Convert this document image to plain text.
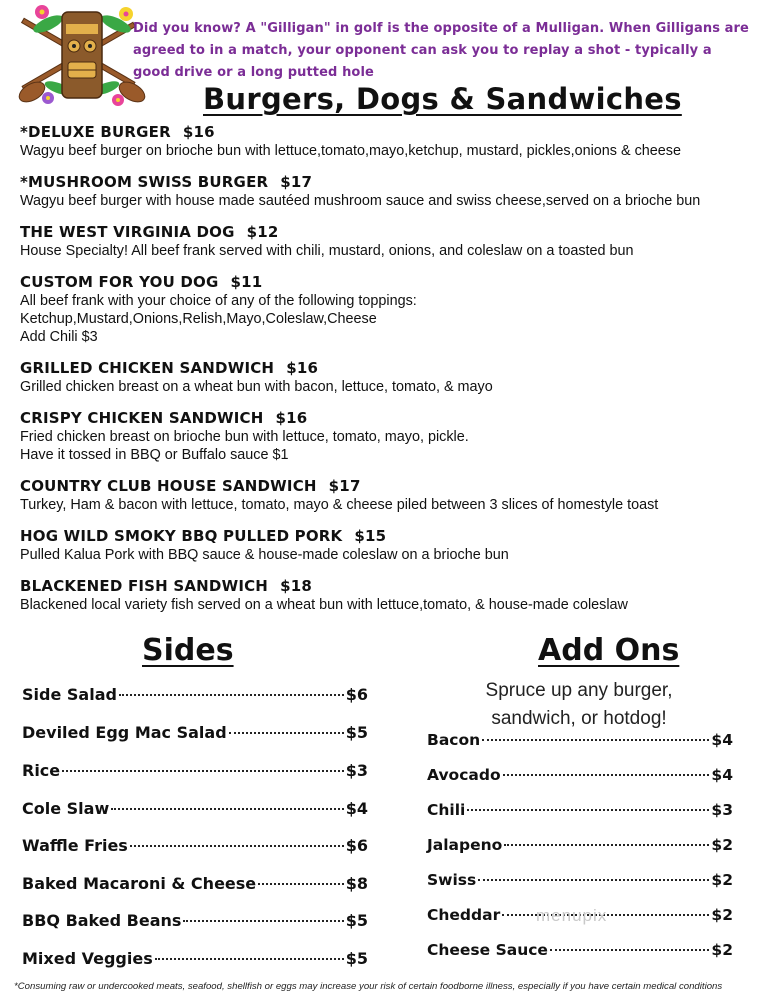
Did you know? A "Gilligan" in golf is the opposite of a Mulligan. When Gilligans are agreed to in a match, your opponent can ask you to replay a shot - typically a good drive or a long putted hole
Burgers, Dogs & Sandwiches
*DELUXE BURGER $16
Wagyu beef burger on brioche bun with lettuce,tomato,mayo,ketchup, mustard, pickles,onions & cheese
*MUSHROOM SWISS BURGER $17
Wagyu beef burger with house made sautéed mushroom sauce and swiss cheese,served on a brioche bun
THE WEST VIRGINIA DOG $12
House Specialty! All beef frank served with chili, mustard, onions, and coleslaw on a toasted bun
CUSTOM FOR YOU DOG $11
All beef frank with your choice of any of the following toppings:
Ketchup,Mustard,Onions,Relish,Mayo,Coleslaw,Cheese
Add Chili $3
GRILLED CHICKEN SANDWICH $16
Grilled chicken breast on a wheat bun with bacon, lettuce, tomato, & mayo
CRISPY CHICKEN SANDWICH $16
Fried chicken breast on brioche bun with lettuce, tomato, mayo, pickle.
Have it tossed in BBQ or Buffalo sauce $1
COUNTRY CLUB HOUSE SANDWICH $17
Turkey, Ham & bacon with lettuce, tomato, mayo & cheese piled between 3 slices of homestyle toast
HOG WILD SMOKY BBQ PULLED PORK $15
Pulled Kalua Pork with BBQ sauce & house-made coleslaw on a brioche bun
BLACKENED FISH SANDWICH $18
Blackened local variety fish served on a wheat bun with lettuce,tomato, & house-made coleslaw
Sides
Side Salad	$6
Deviled Egg Mac Salad	$5
Rice	$3
Cole Slaw	$4
Waffle Fries	$6
Baked Macaroni & Cheese	$8
BBQ Baked Beans	$5
Mixed Veggies	$5
Add Ons
Spruce up any burger,
sandwich, or hotdog!
Bacon	$4
Avocado	$4
Chili	$3
Jalapeno	$2
Swiss	$2
Cheddar	$2
Cheese Sauce	$2
menupix
*Consuming raw or undercooked meats, seafood, shellfish or eggs may increase your risk of certain foodborne illness, especially if you have certain medical conditions
